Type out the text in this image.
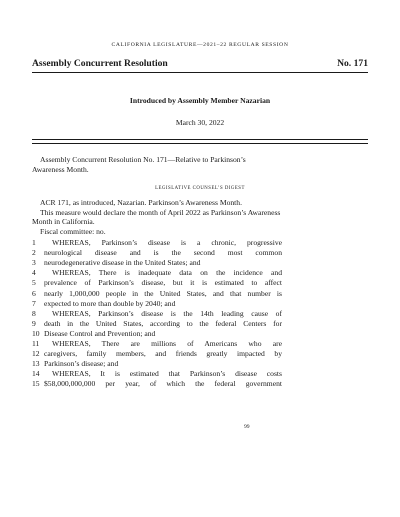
CALIFORNIA LEGISLATURE—2021–22 REGULAR SESSION
Assembly Concurrent Resolution	No. 171
Introduced by Assembly Member Nazarian
March 30, 2022
Assembly Concurrent Resolution No. 171—Relative to Parkinson’s Awareness Month.
LEGISLATIVE COUNSEL’S DIGEST

ACR 171, as introduced, Nazarian. Parkinson’s Awareness Month.

This measure would declare the month of April 2022 as Parkinson’s Awareness Month in California.

Fiscal committee: no.

1	WHEREAS, Parkinson’s disease is a chronic, progressive
2	neurological disease and is the second most common
3	neurodegenerative disease in the United States; and
4	WHEREAS, There is inadequate data on the incidence and
5	prevalence of Parkinson’s disease, but it is estimated to affect
6	nearly 1,000,000 people in the United States, and that number is
7	expected to more than double by 2040; and
8	WHEREAS, Parkinson’s disease is the 14th leading cause of
9	death in the United States, according to the federal Centers for
10 Disease Control and Prevention; and
11	WHEREAS, There are millions of Americans who are
12 caregivers, family members, and friends greatly impacted by
13 Parkinson’s disease; and
14	WHEREAS, It is estimated that Parkinson’s disease costs
15 $58,000,000,000 per year, of which the federal government
99
